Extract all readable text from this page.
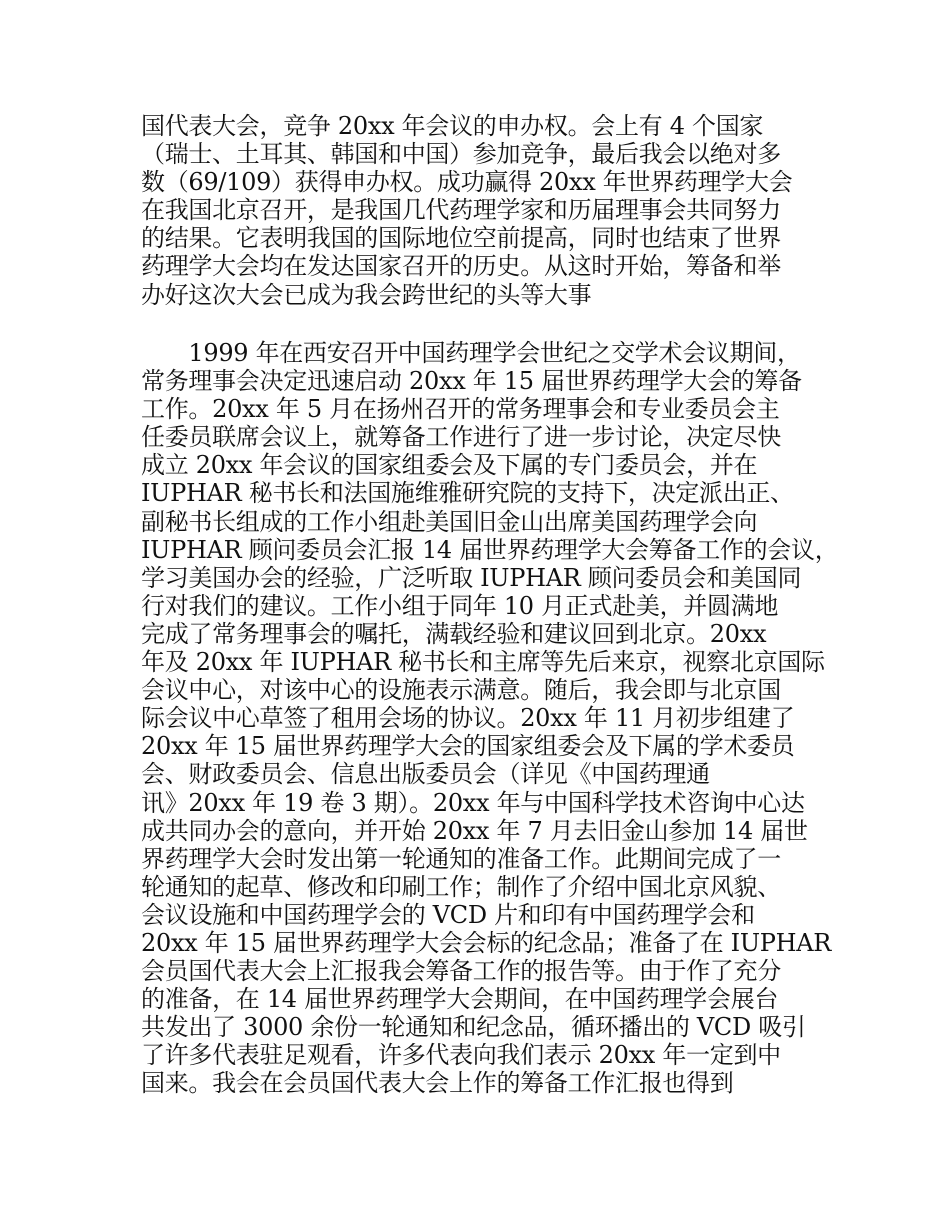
国代表大会，竞争 20xx 年会议的申办权。会上有 4 个国家
（瑞士、土耳其、韩国和中国）参加竞争，最后我会以绝对多
数（69/109）获得申办权。成功赢得 20xx 年世界药理学大会
在我国北京召开，是我国几代药理学家和历届理事会共同努力
的结果。它表明我国的国际地位空前提高，同时也结束了世界
药理学大会均在发达国家召开的历史。从这时开始，筹备和举
办好这次大会已成为我会跨世纪的头等大事
　　1999 年在西安召开中国药理学会世纪之交学术会议期间，
常务理事会决定迅速启动 20xx 年 15 届世界药理学大会的筹备
工作。20xx 年 5 月在扬州召开的常务理事会和专业委员会主
任委员联席会议上，就筹备工作进行了进一步讨论，决定尽快
成立 20xx 年会议的国家组委会及下属的专门委员会，并在
IUPHAR 秘书长和法国施维雅研究院的支持下，决定派出正、
副秘书长组成的工作小组赴美国旧金山出席美国药理学会向
IUPHAR 顾问委员会汇报 14 届世界药理学大会筹备工作的会议，
学习美国办会的经验，广泛听取 IUPHAR 顾问委员会和美国同
行对我们的建议。工作小组于同年 10 月正式赴美，并圆满地
完成了常务理事会的嘱托，满载经验和建议回到北京。20xx
年及 20xx 年 IUPHAR 秘书长和主席等先后来京，视察北京国际
会议中心，对该中心的设施表示满意。随后，我会即与北京国
际会议中心草签了租用会场的协议。20xx 年 11 月初步组建了
20xx 年 15 届世界药理学大会的国家组委会及下属的学术委员
会、财政委员会、信息出版委员会（详见《中国药理通
讯》20xx 年 19 卷 3 期）。20xx 年与中国科学技术咨询中心达
成共同办会的意向，并开始 20xx 年 7 月去旧金山参加 14 届世
界药理学大会时发出第一轮通知的准备工作。此期间完成了一
轮通知的起草、修改和印刷工作；制作了介绍中国北京风貌、
会议设施和中国药理学会的 VCD 片和印有中国药理学会和
20xx 年 15 届世界药理学大会会标的纪念品；准备了在 IUPHAR
会员国代表大会上汇报我会筹备工作的报告等。由于作了充分
的准备，在 14 届世界药理学大会期间，在中国药理学会展台
共发出了 3000 余份一轮通知和纪念品，循环播出的 VCD 吸引
了许多代表驻足观看，许多代表向我们表示 20xx 年一定到中
国来。我会在会员国代表大会上作的筹备工作汇报也得到
